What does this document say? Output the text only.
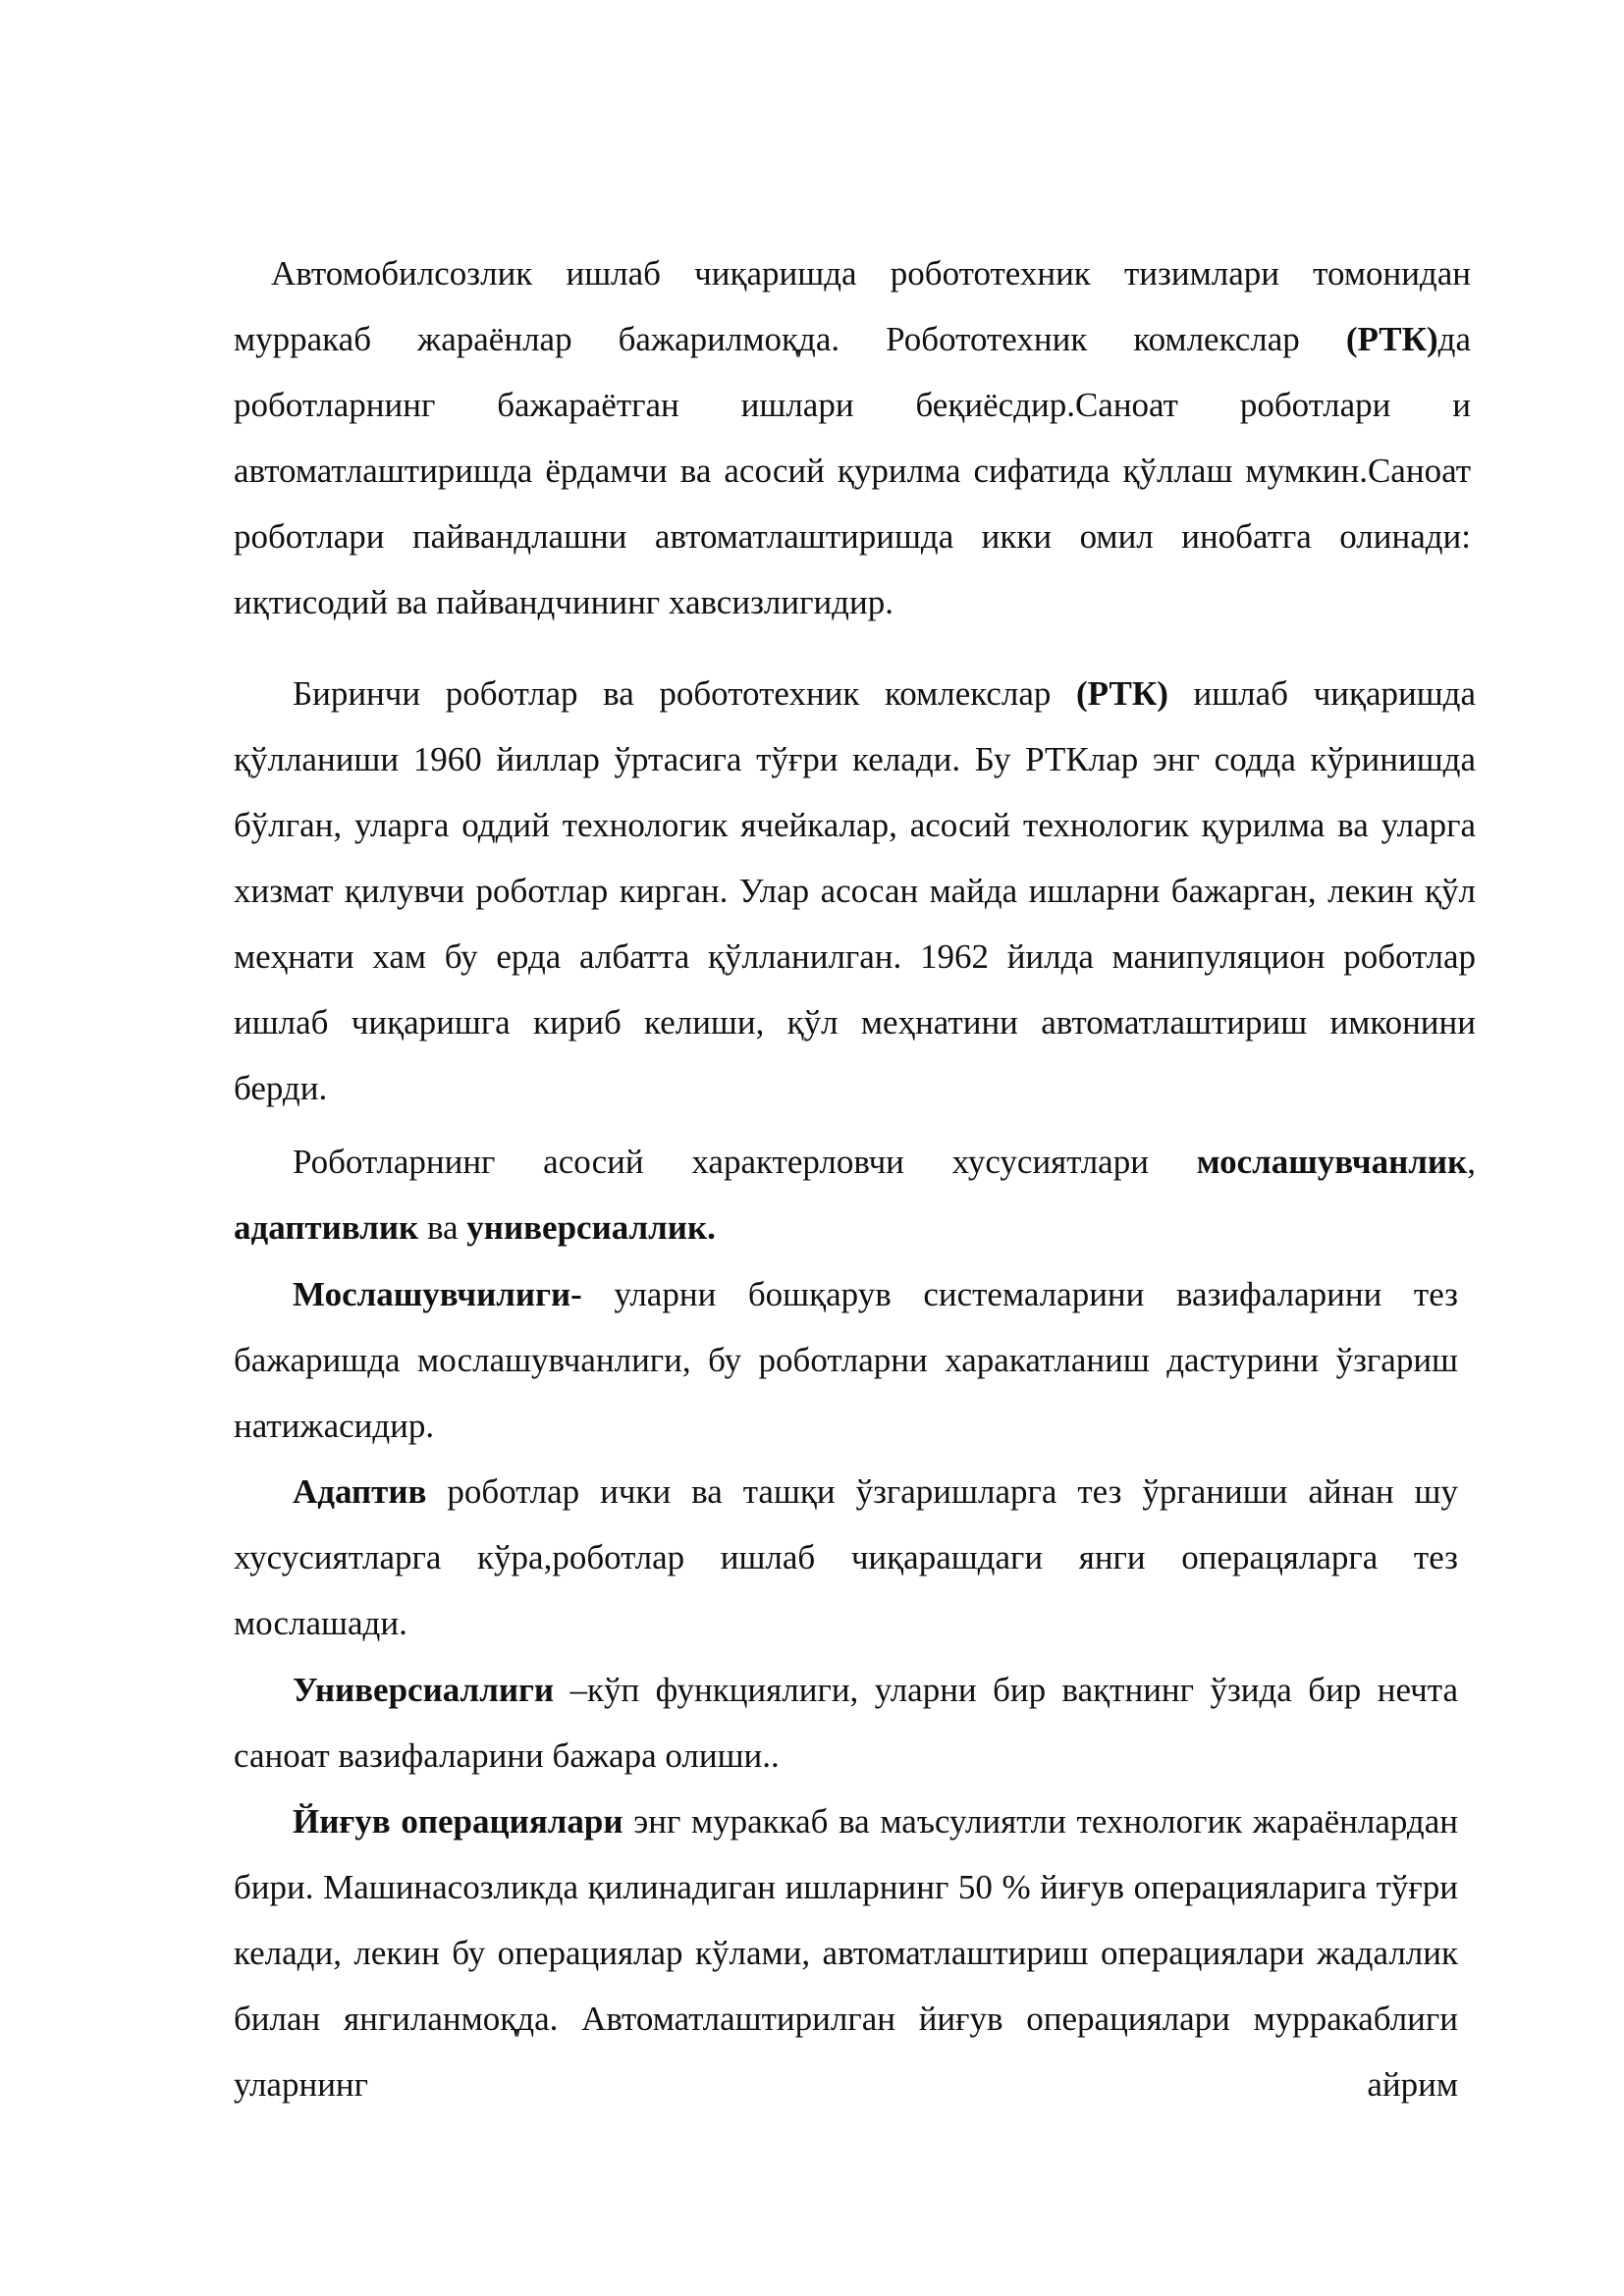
Автомобилсозлик ишлаб чиқаришда робототехник тизимлари томонидан мурракаб жараёнлар бажарилмоқда. Робототехник комлекслар (РТК)да роботларнинг бажараётган ишлари беқиёсдир.Саноат роботлари и автоматлаштиришда ёрдамчи ва асосий қурилма сифатида қўллаш мумкин.Саноат роботлари пайвандлашни автоматлаштиришда икки омил инобатга олинади: иқтисодий ва пайвандчининг хавсизлигидир.

Биринчи роботлар ва робототехник комлекслар (РТК) ишлаб чиқаришда қўлланиши 1960 йиллар ўртасига тўғри келади. Бу РТКлар энг содда кўринишда бўлган, уларга оддий технологик ячейкалар, асосий технологик қурилма ва уларга хизмат қилувчи роботлар кирган. Улар асосан майда ишларни бажарган, лекин қўл меҳнати хам бу ерда албатта қўлланилган. 1962 йилда манипуляцион роботлар ишлаб чиқаришга кириб келиши, қўл меҳнатини автоматлаштириш имконини берди.

Роботларнинг асосий характерловчи хусусиятлари мослашувчанлик, адаптивлик ва универсиаллик.

Мослашувчилиги- уларни бошқарув системаларини вазифаларини тез бажаришда мослашувчанлиги, бу роботларни харакатланиш дастурини ўзгариш натижасидир.

Адаптив роботлар ички ва ташқи ўзгаришларга тез ўрганиши айнан шу хусусиятларга кўра,роботлар ишлаб чиқарашдаги янги операцяларга тез мослашади.

Универсиаллиги –кўп функциялиги, уларни бир вақтнинг ўзида бир нечта саноат вазифаларини бажара олиши..

Йиғув операциялари энг мураккаб ва маъсулиятли технологик жараёнлардан бири. Машинасозликда қилинадиган ишларнинг 50 % йиғув операцияларига тўғри келади, лекин бу операциялар кўлами, автоматлаштириш операциялари жадаллик билан янгиланмоқда. Автоматлаштирилган йиғув операциялари мурракаблиги уларнинг айрим
